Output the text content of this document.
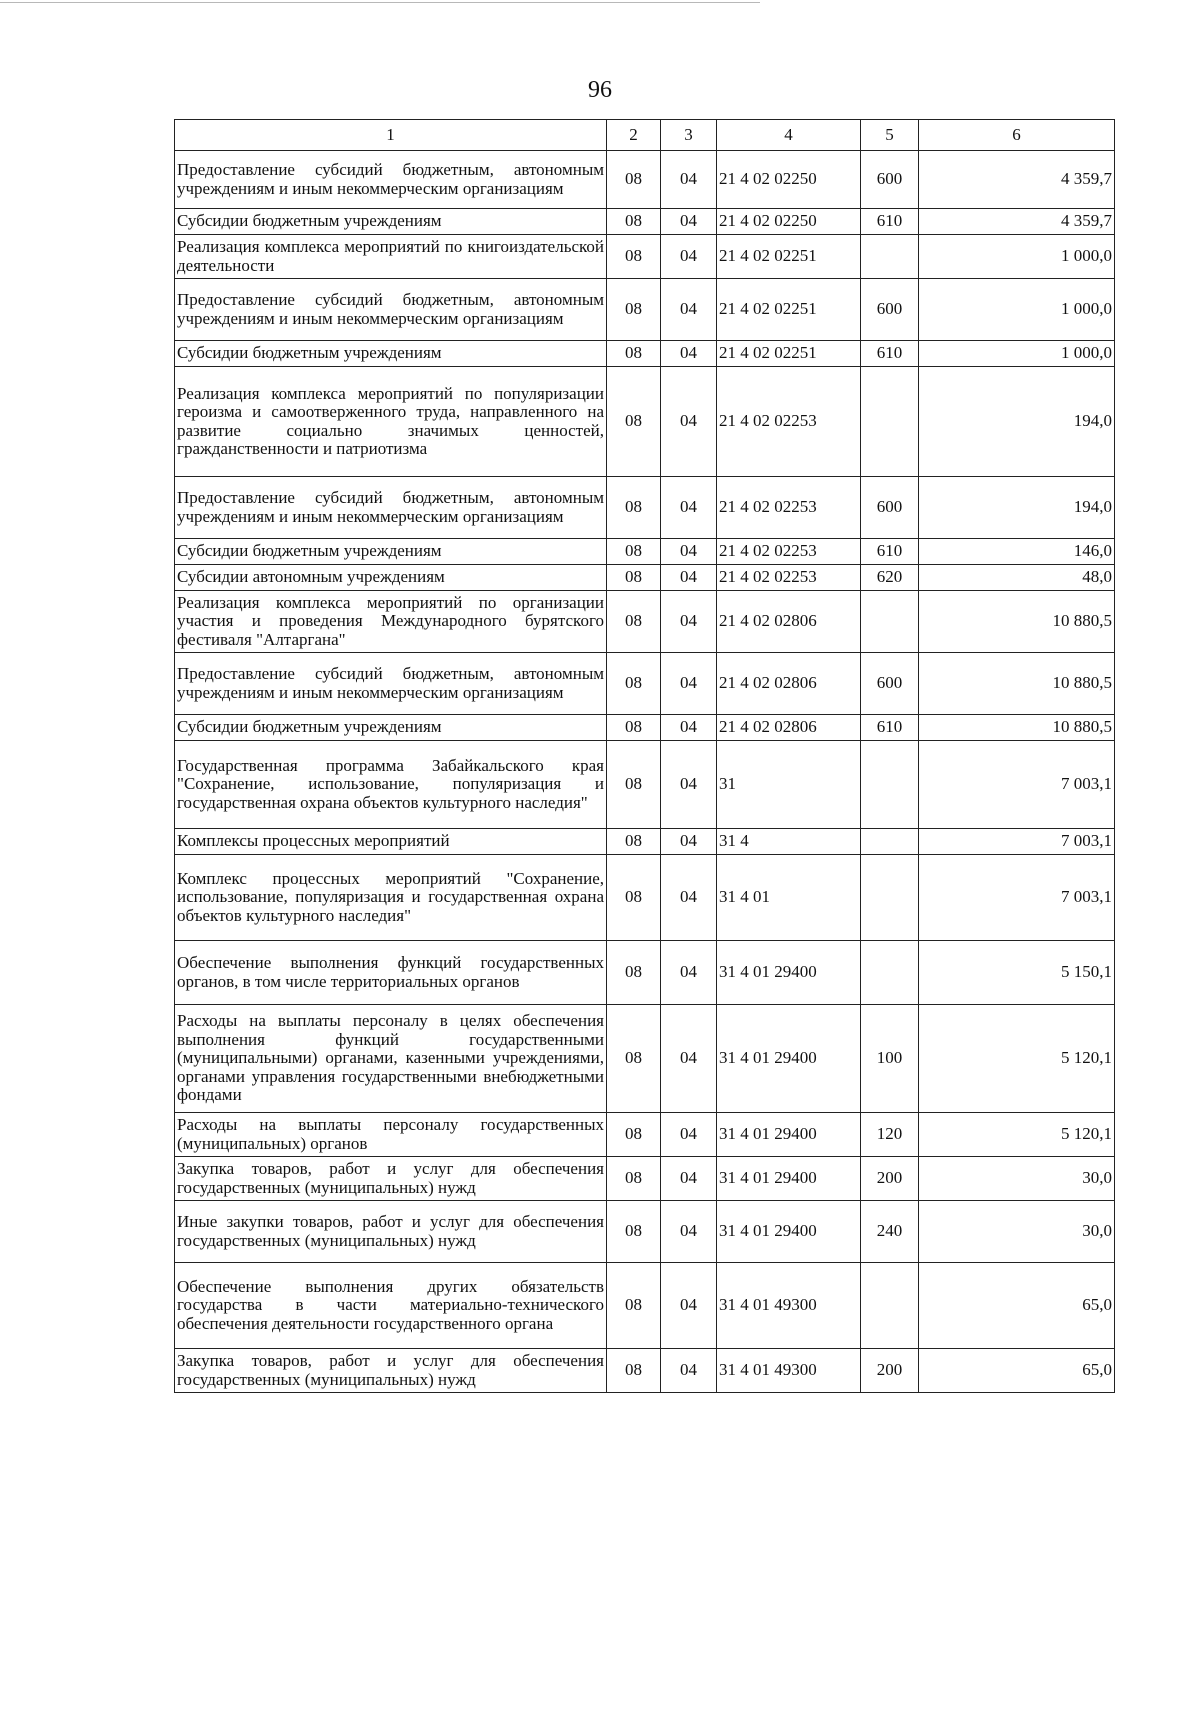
96
1	2	3	4	5	6
Предоставление субсидий бюджетным, автономным учреждениям и иным некоммерческим организациям	08	04	21 4 02 02250	600	4 359,7
Субсидии бюджетным учреждениям	08	04	21 4 02 02250	610	4 359,7
Реализация комплекса мероприятий по книгоиздательской деятельности	08	04	21 4 02 02251		1 000,0
Предоставление субсидий бюджетным, автономным учреждениям и иным некоммерческим организациям	08	04	21 4 02 02251	600	1 000,0
Субсидии бюджетным учреждениям	08	04	21 4 02 02251	610	1 000,0
Реализация комплекса мероприятий по популяризации героизма и самоотверженного труда, направленного на развитие социально значимых ценностей, гражданственности и патриотизма	08	04	21 4 02 02253		194,0
Предоставление субсидий бюджетным, автономным учреждениям и иным некоммерческим организациям	08	04	21 4 02 02253	600	194,0
Субсидии бюджетным учреждениям	08	04	21 4 02 02253	610	146,0
Субсидии автономным учреждениям	08	04	21 4 02 02253	620	48,0
Реализация комплекса мероприятий по организации участия и проведения Международного бурятского фестиваля "Алтаргана"	08	04	21 4 02 02806		10 880,5
Предоставление субсидий бюджетным, автономным учреждениям и иным некоммерческим организациям	08	04	21 4 02 02806	600	10 880,5
Субсидии бюджетным учреждениям	08	04	21 4 02 02806	610	10 880,5
Государственная программа Забайкальского края "Сохранение, использование, популяризация и государственная охрана объектов культурного наследия"	08	04	31		7 003,1
Комплексы процессных мероприятий	08	04	31 4		7 003,1
Комплекс процессных мероприятий "Сохранение, использование, популяризация и государственная охрана объектов культурного наследия"	08	04	31 4 01		7 003,1
Обеспечение выполнения функций государственных органов, в том числе территориальных органов	08	04	31 4 01 29400		5 150,1
Расходы на выплаты персоналу в целях обеспечения выполнения функций государственными (муниципальными) органами, казенными учреждениями, органами управления государственными внебюджетными фондами	08	04	31 4 01 29400	100	5 120,1
Расходы на выплаты персоналу государственных (муниципальных) органов	08	04	31 4 01 29400	120	5 120,1
Закупка товаров, работ и услуг для обеспечения государственных (муниципальных) нужд	08	04	31 4 01 29400	200	30,0
Иные закупки товаров, работ и услуг для обеспечения государственных (муниципальных) нужд	08	04	31 4 01 29400	240	30,0
Обеспечение выполнения других обязательств государства в части материально-технического обеспечения деятельности государственного органа	08	04	31 4 01 49300		65,0
Закупка товаров, работ и услуг для обеспечения государственных (муниципальных) нужд	08	04	31 4 01 49300	200	65,0
